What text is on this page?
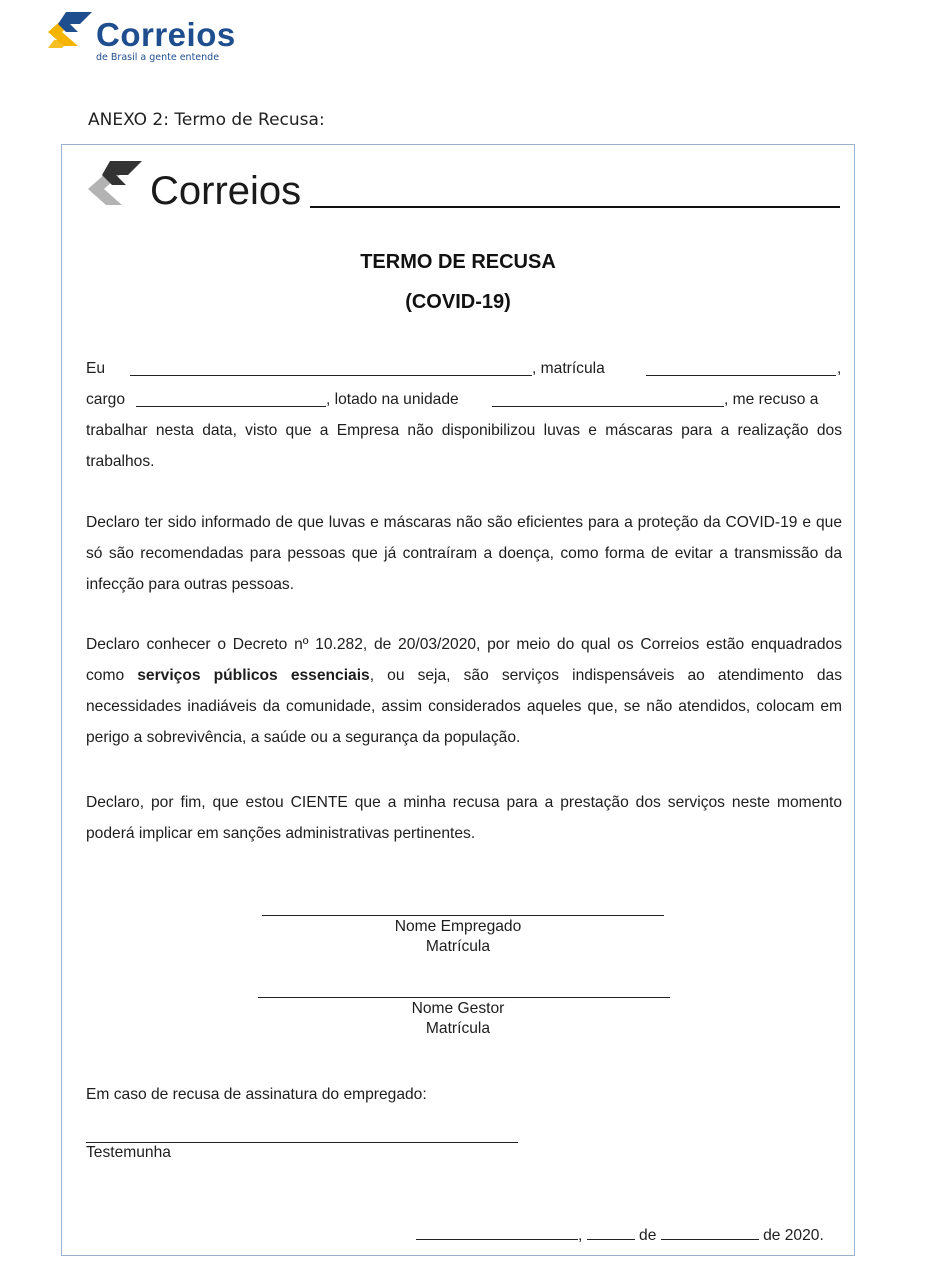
Correios
de Brasil a gente entende
ANEXO 2: Termo de Recusa:
Correios
TERMO DE RECUSA
(COVID-19)
Eu	, matrícula	,
cargo	, lotado na unidade	, me recuso a
trabalhar nesta data, visto que a Empresa não disponibilizou luvas e máscaras para a realização dos trabalhos.
Declaro ter sido informado de que luvas e máscaras não são eficientes para a proteção da COVID-19 e que só são recomendadas para pessoas que já contraíram a doença, como forma de evitar a transmissão da infecção para outras pessoas.
Declaro conhecer o Decreto nº 10.282, de 20/03/2020, por meio do qual os Correios estão enquadrados como serviços públicos essenciais, ou seja, são serviços indispensáveis ao atendimento das necessidades inadiáveis da comunidade, assim considerados aqueles que, se não atendidos, colocam em perigo a sobrevivência, a saúde ou a segurança da população.
Declaro, por fim, que estou CIENTE que a minha recusa para a prestação dos serviços neste momento poderá implicar em sanções administrativas pertinentes.
Nome Empregado
Matrícula
Nome Gestor
Matrícula
Em caso de recusa de assinatura do empregado:
Testemunha
,	de	de 2020.
